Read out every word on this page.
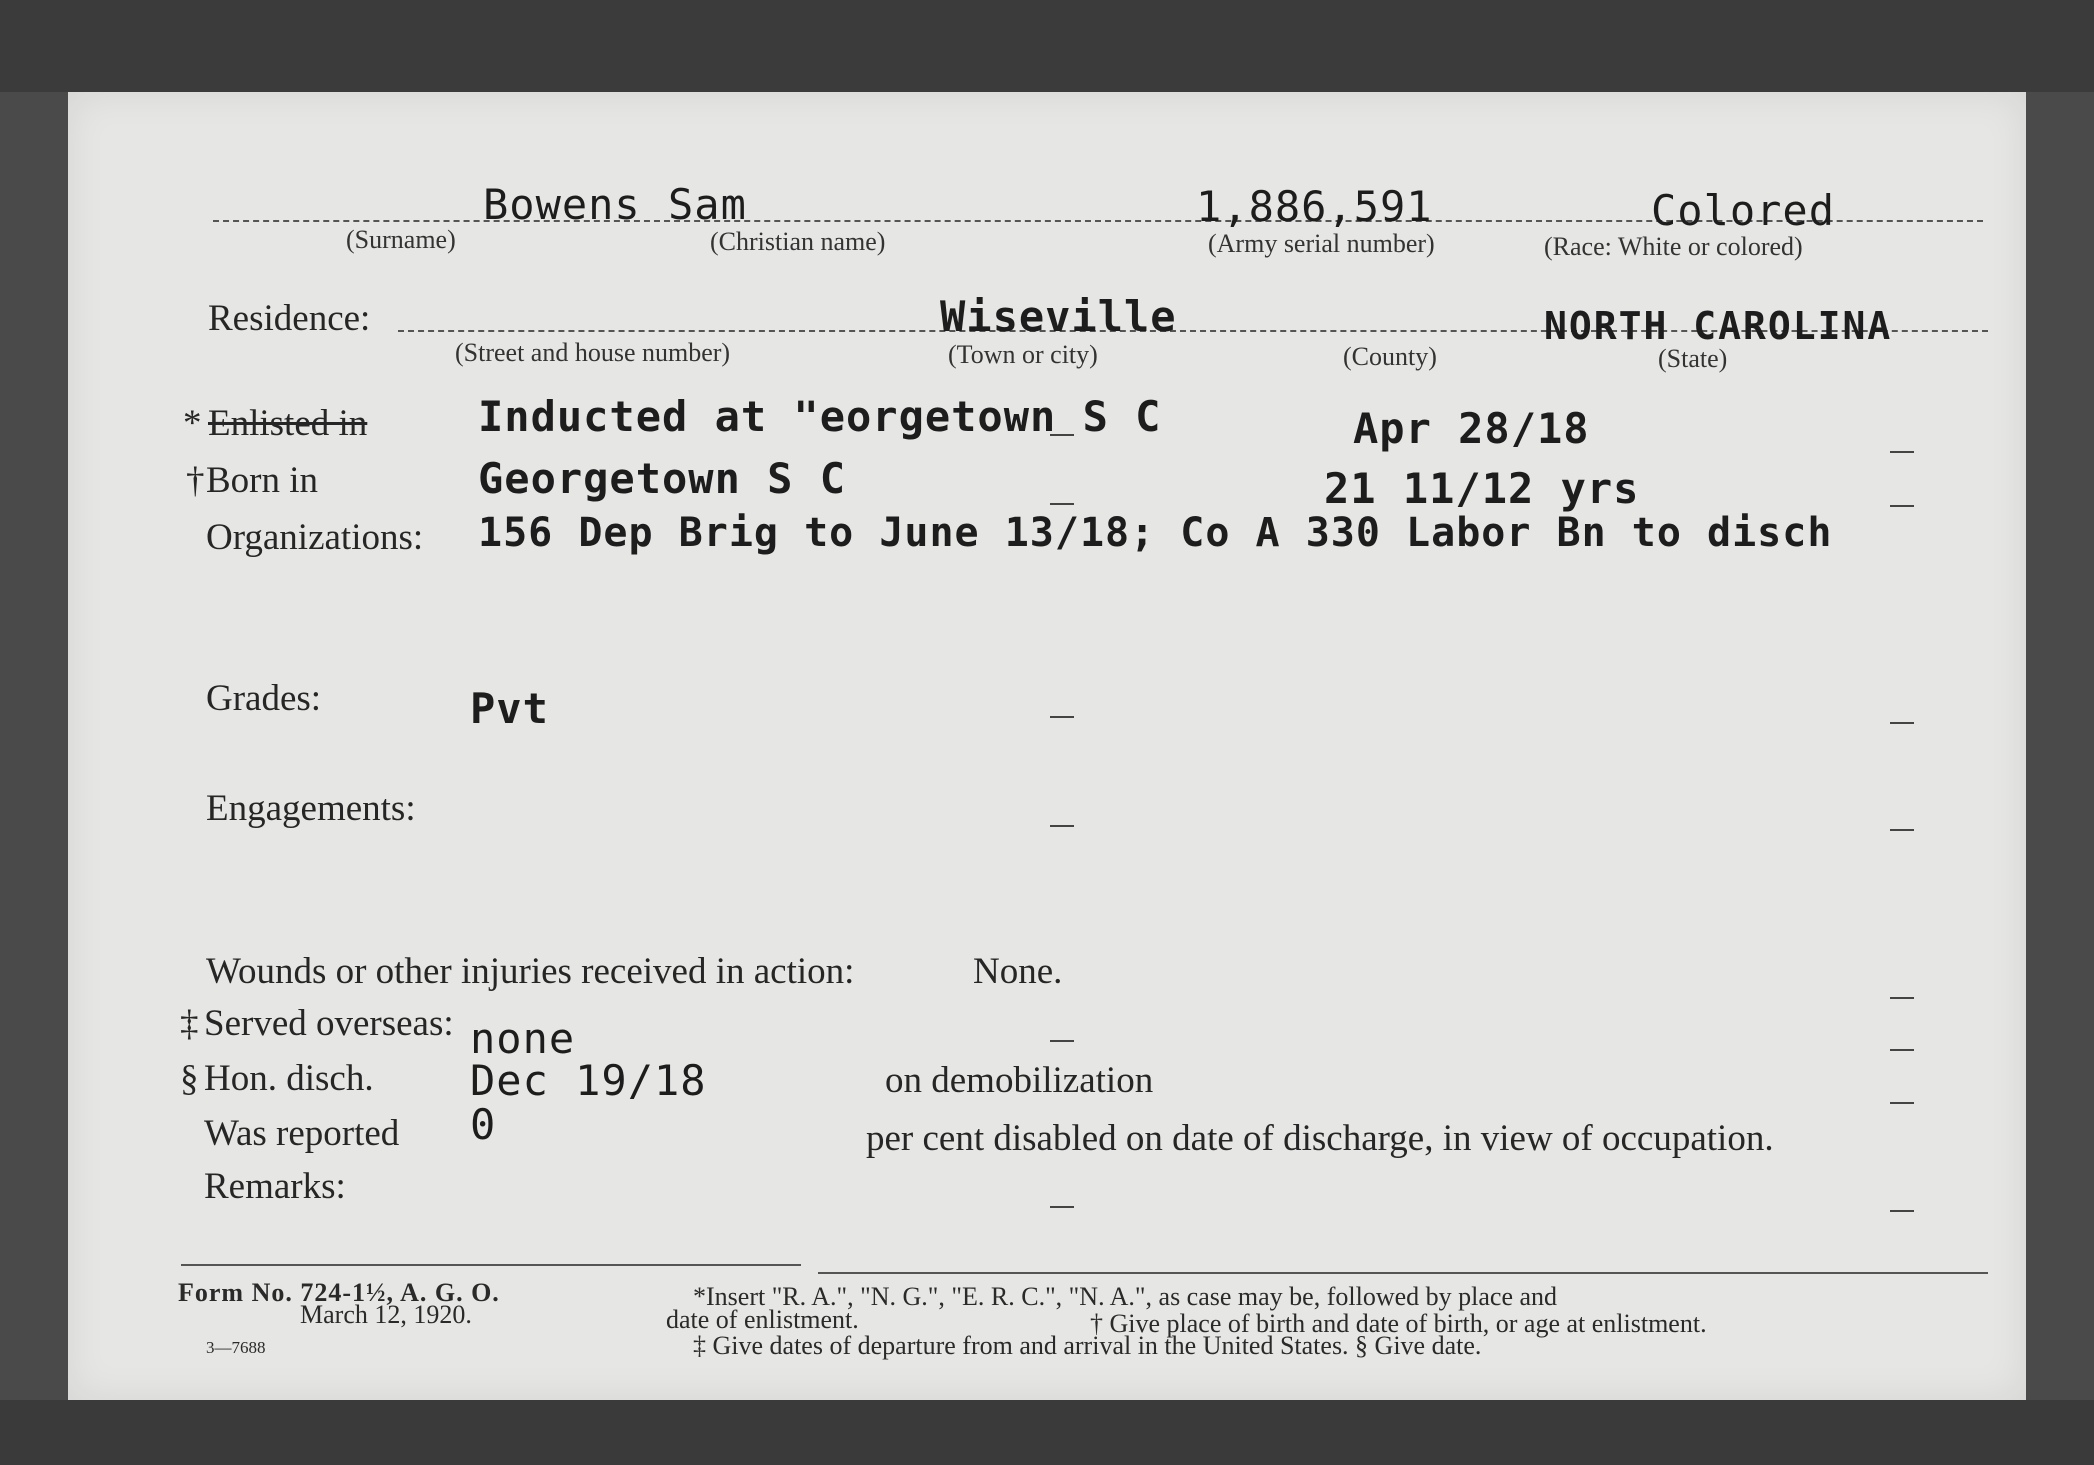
Bowens Sam	1,886,591	Colored
(Surname)	(Christian name)	(Army serial number)	(Race: White or colored)
Residence:	Wiseville	NORTH CAROLINA
(Street and house number)	(Town or city)	(County)	(State)
* Enlisted in	Inducted at "eorgetown S C	Apr 28/18
† Born in	Georgetown S C	21 11/12 yrs
Organizations: 156 Dep Brig to June 13/18; Co A 330 Labor Bn to disch
Grades:	Pvt
Engagements:
Wounds or other injuries received in action:	None.
‡ Served overseas: none
§ Hon. disch. Dec 19/18	on demobilization
Was reported 0	per cent disabled on date of discharge, in view of occupation.
Remarks:
Form No. 724-1½, A. G. O.
March 12, 1920.
3—7688
*Insert "R. A.", "N. G.", "E. R. C.", "N. A.", as case may be, followed by place and
date of enlistment.	† Give place of birth and date of birth, or age at enlistment.
‡ Give dates of departure from and arrival in the United States. § Give date.
